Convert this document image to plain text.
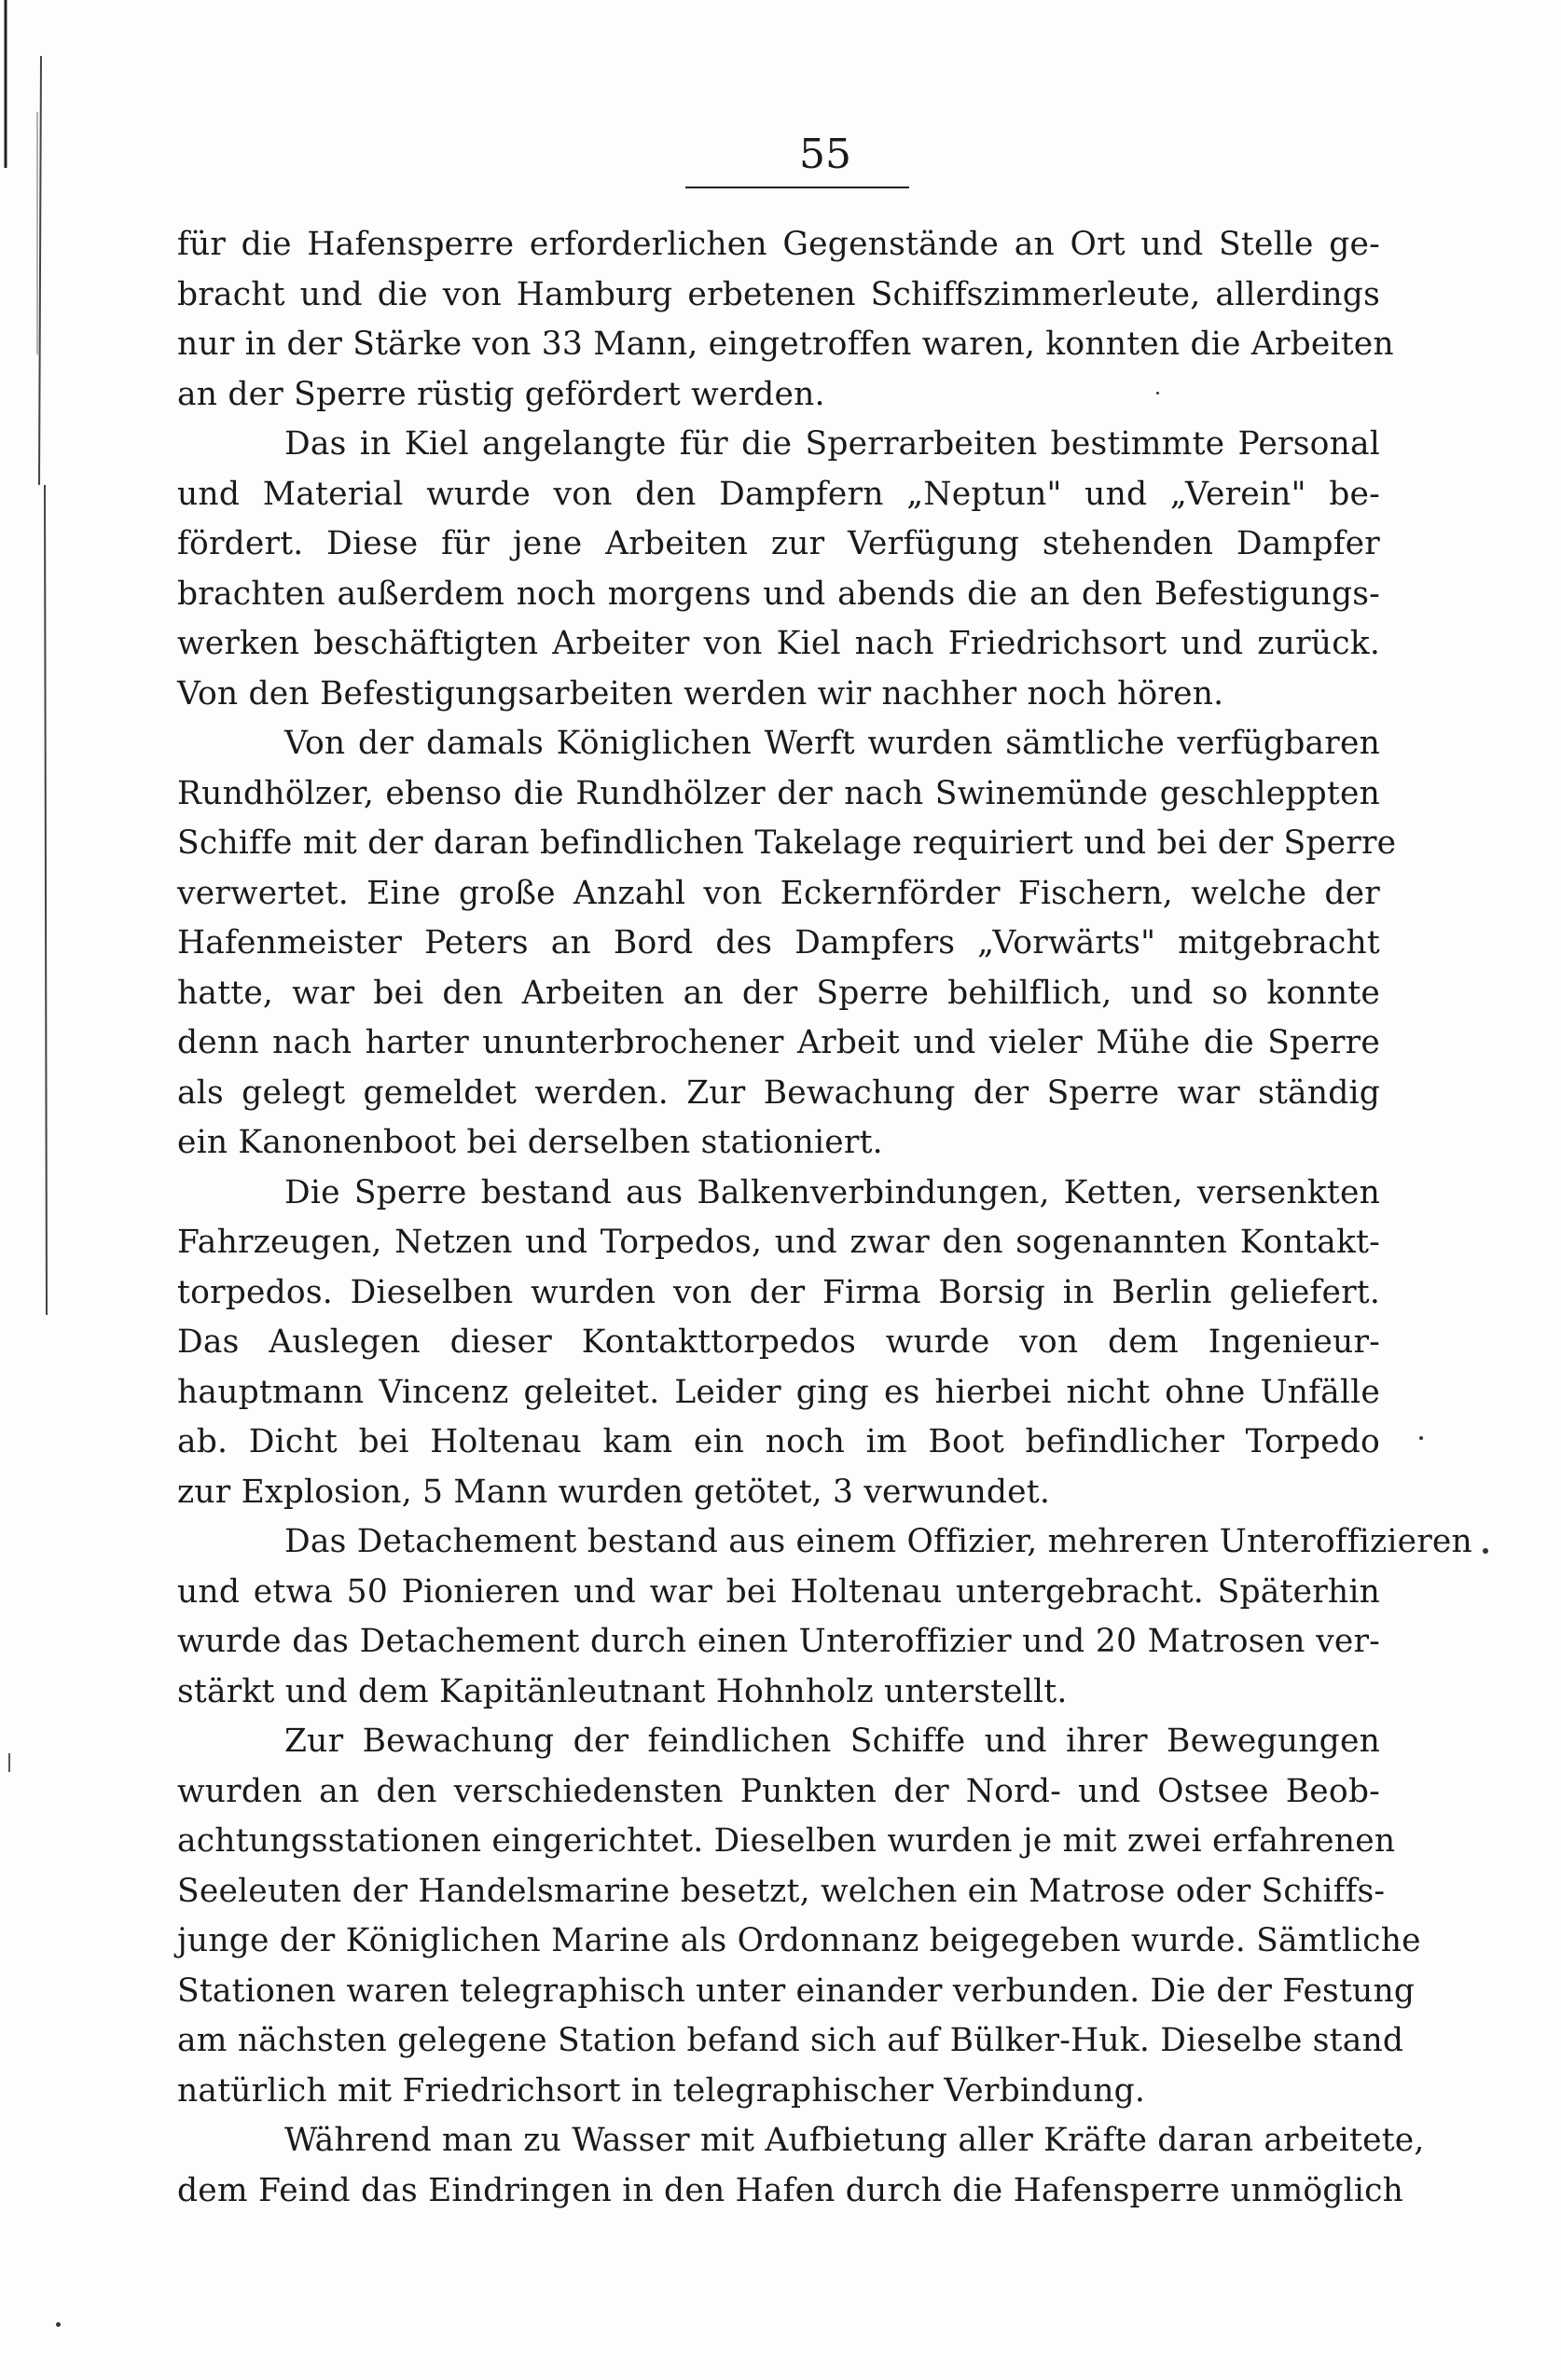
55
für die Hafensperre erforderlichen Gegenstände an Ort und Stelle ge-
bracht und die von Hamburg erbetenen Schiffszimmerleute, allerdings
nur in der Stärke von 33 Mann, eingetroffen waren, konnten die Arbeiten
an der Sperre rüstig gefördert werden.
Das in Kiel angelangte für die Sperrarbeiten bestimmte Personal
und Material wurde von den Dampfern „Neptun" und „Verein" be-
fördert. Diese für jene Arbeiten zur Verfügung stehenden Dampfer
brachten außerdem noch morgens und abends die an den Befestigungs-
werken beschäftigten Arbeiter von Kiel nach Friedrichsort und zurück.
Von den Befestigungsarbeiten werden wir nachher noch hören.
Von der damals Königlichen Werft wurden sämtliche verfügbaren
Rundhölzer, ebenso die Rundhölzer der nach Swinemünde geschleppten
Schiffe mit der daran befindlichen Takelage requiriert und bei der Sperre
verwertet. Eine große Anzahl von Eckernförder Fischern, welche der
Hafenmeister Peters an Bord des Dampfers „Vorwärts" mitgebracht
hatte, war bei den Arbeiten an der Sperre behilflich, und so konnte
denn nach harter ununterbrochener Arbeit und vieler Mühe die Sperre
als gelegt gemeldet werden. Zur Bewachung der Sperre war ständig
ein Kanonenboot bei derselben stationiert.
Die Sperre bestand aus Balkenverbindungen, Ketten, versenkten
Fahrzeugen, Netzen und Torpedos, und zwar den sogenannten Kontakt-
torpedos. Dieselben wurden von der Firma Borsig in Berlin geliefert.
Das Auslegen dieser Kontakttorpedos wurde von dem Ingenieur-
hauptmann Vincenz geleitet. Leider ging es hierbei nicht ohne Unfälle
ab. Dicht bei Holtenau kam ein noch im Boot befindlicher Torpedo
zur Explosion, 5 Mann wurden getötet, 3 verwundet.
Das Detachement bestand aus einem Offizier, mehreren Unteroffizieren
und etwa 50 Pionieren und war bei Holtenau untergebracht. Späterhin
wurde das Detachement durch einen Unteroffizier und 20 Matrosen ver-
stärkt und dem Kapitänleutnant Hohnholz unterstellt.
Zur Bewachung der feindlichen Schiffe und ihrer Bewegungen
wurden an den verschiedensten Punkten der Nord- und Ostsee Beob-
achtungsstationen eingerichtet. Dieselben wurden je mit zwei erfahrenen
Seeleuten der Handelsmarine besetzt, welchen ein Matrose oder Schiffs-
junge der Königlichen Marine als Ordonnanz beigegeben wurde. Sämtliche
Stationen waren telegraphisch unter einander verbunden. Die der Festung
am nächsten gelegene Station befand sich auf Bülker-Huk. Dieselbe stand
natürlich mit Friedrichsort in telegraphischer Verbindung.
Während man zu Wasser mit Aufbietung aller Kräfte daran arbeitete,
dem Feind das Eindringen in den Hafen durch die Hafensperre unmöglich
